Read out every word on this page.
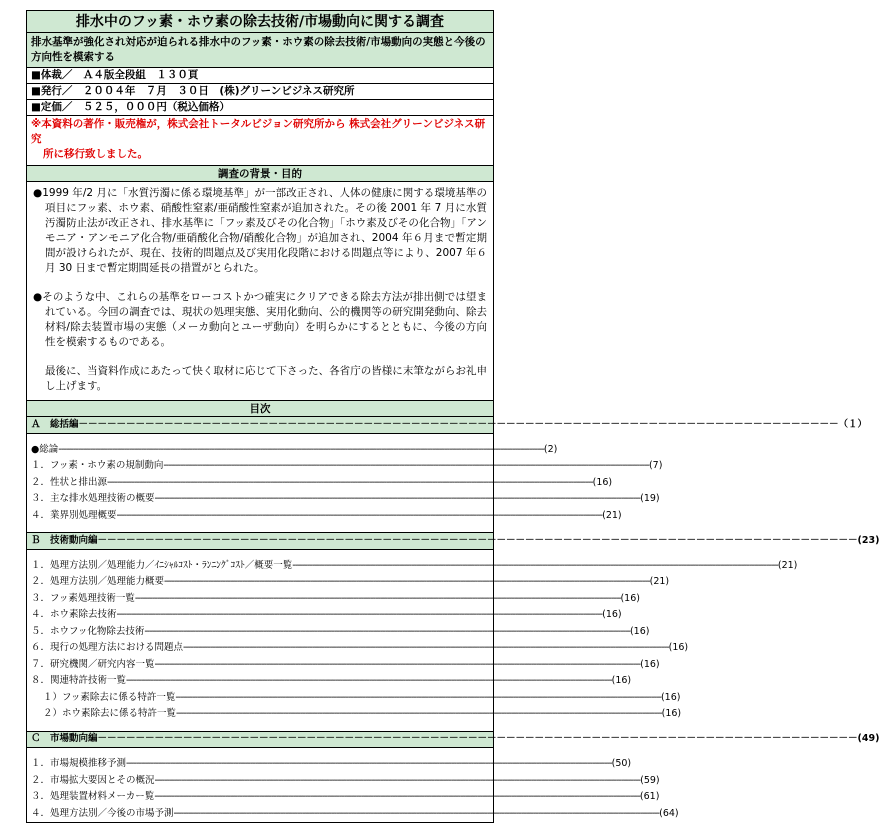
排水中のフッ素・ホウ素の除去技術/市場動向に関する調査
排水基準が強化され対応が迫られる排水中のフッ素・ホウ素の除去技術/市場動向の実態と今後の方向性を模索する
■体裁／　Ａ４版全段組　１３０頁
■発行／　２００４年　７月　３０日　(株)グリーンビジネス研究所
■定価／　５２５，０００円（税込価格）
※本資料の著作・販売権が，株式会社トータルビジョン研究所から 株式会社グリーンビジネス研究
所に移行致しました。
調査の背景・目的

●1999 年/2 月に「水質汚濁に係る環境基準」が一部改正され、人体の健康に関する環境基準の項目にフッ素、ホウ素、硝酸性窒素/亜硝酸性窒素が追加された。その後 2001 年 7 月に水質汚濁防止法が改正され、排水基準に「フッ素及びその化合物」「ホウ素及びその化合物」「アンモニア・アンモニア化合物/亜硝酸化合物/硝酸化合物」が追加され、2004 年６月まで暫定期間が設けられたが、現在、技術的問題点及び実用化段階における問題点等により、2007 年６月 30 日まで暫定期間延長の措置がとられた。

●そのような中、これらの基準をローコストかつ確実にクリアできる除去方法が排出側では望まれている。今回の調査では、現状の処理実態、実用化動向、公的機関等の研究開発動向、除去材料/除去装置市場の実態（メーカ動向とユーザ動向）を明らかにするとともに、今後の方向性を模索するものである。

最後に、当資料作成にあたって快く取材に応じて下さった、各省庁の皆様に末筆ながらお礼申し上げます。

目次
Ａ　総括編 －－－－－－－－－－－－－－－－－－－－－－－－－－－－－－－－－－－－－－－－－－－－－－－－－－－－－－－－－－－－－－－－－－－－－－－－－－－－－－－－ （１）
●総論 -------------------------------------------------------------------------------------------------------------------------------------------------------------------------------------------------------- (2)
１．フッ素・ホウ素の規制動向 -------------------------------------------------------------------------------------------------------------------------------------------------------------------------------------------------------- (7)
２．性状と排出源 -------------------------------------------------------------------------------------------------------------------------------------------------------------------------------------------------------- (16)
３．主な排水処理技術の概要 -------------------------------------------------------------------------------------------------------------------------------------------------------------------------------------------------------- (19)
４．業界別処理概要 -------------------------------------------------------------------------------------------------------------------------------------------------------------------------------------------------------- (21)
Ｂ　技術動向編 －－－－－－－－－－－－－－－－－－－－－－－－－－－－－－－－－－－－－－－－－－－－－－－－－－－－－－－－－－－－－－－－－－－－－－－－－－－－－－－－ (23)
１．処理方法別／処理能力／ｲﾆｼｬﾙｺｽﾄ・ﾗﾝﾆﾝｸﾞｺｽﾄ／概要一覧 -------------------------------------------------------------------------------------------------------------------------------------------------------------------------------------------------------- (21)
２．処理方法別／処理能力概要 -------------------------------------------------------------------------------------------------------------------------------------------------------------------------------------------------------- (21)
３．フッ素処理技術一覧 -------------------------------------------------------------------------------------------------------------------------------------------------------------------------------------------------------- (16)
４．ホウ素除去技術 -------------------------------------------------------------------------------------------------------------------------------------------------------------------------------------------------------- (16)
５．ホウフッ化物除去技術 -------------------------------------------------------------------------------------------------------------------------------------------------------------------------------------------------------- (16)
６．現行の処理方法における問題点 -------------------------------------------------------------------------------------------------------------------------------------------------------------------------------------------------------- (16)
７．研究機関／研究内容一覧 -------------------------------------------------------------------------------------------------------------------------------------------------------------------------------------------------------- (16)
８．関連特許技術一覧 -------------------------------------------------------------------------------------------------------------------------------------------------------------------------------------------------------- (16)
１）フッ素除去に係る特許一覧 -------------------------------------------------------------------------------------------------------------------------------------------------------------------------------------------------------- (16)
２）ホウ素除去に係る特許一覧 -------------------------------------------------------------------------------------------------------------------------------------------------------------------------------------------------------- (16)
Ｃ　市場動向編 －－－－－－－－－－－－－－－－－－－－－－－－－－－－－－－－－－－－－－－－－－－－－－－－－－－－－－－－－－－－－－－－－－－－－－－－－－－－－－－－ (49)
１．市場規模推移予測 -------------------------------------------------------------------------------------------------------------------------------------------------------------------------------------------------------- (50)
２．市場拡大要因とその概況 -------------------------------------------------------------------------------------------------------------------------------------------------------------------------------------------------------- (59)
３．処理装置材料メーカー覧 -------------------------------------------------------------------------------------------------------------------------------------------------------------------------------------------------------- (61)
４．処理方法別／今後の市場予測 -------------------------------------------------------------------------------------------------------------------------------------------------------------------------------------------------------- (64)
